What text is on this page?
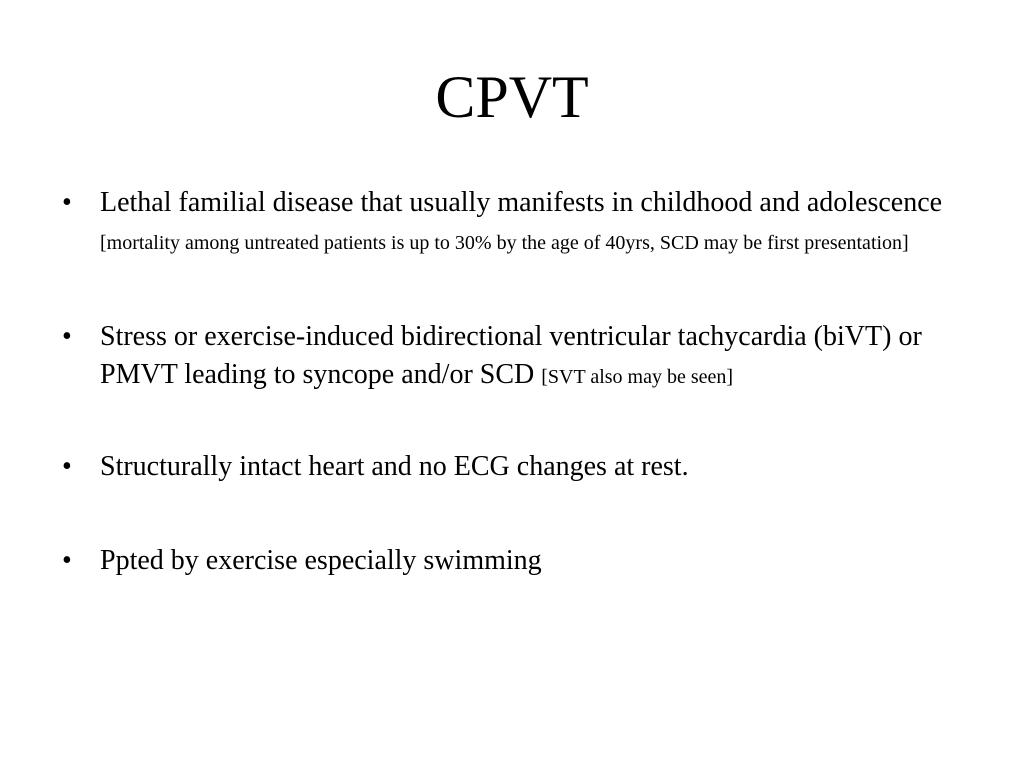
CPVT
• Lethal familial disease that usually manifests in childhood and adolescence [mortality among untreated patients is up to 30% by the age of 40yrs, SCD may be first presentation]
• Stress or exercise-induced bidirectional ventricular tachycardia (biVT) or PMVT leading to syncope and/or SCD [SVT also may be seen]
• Structurally intact heart and no ECG changes at rest.
• Ppted by exercise especially swimming
